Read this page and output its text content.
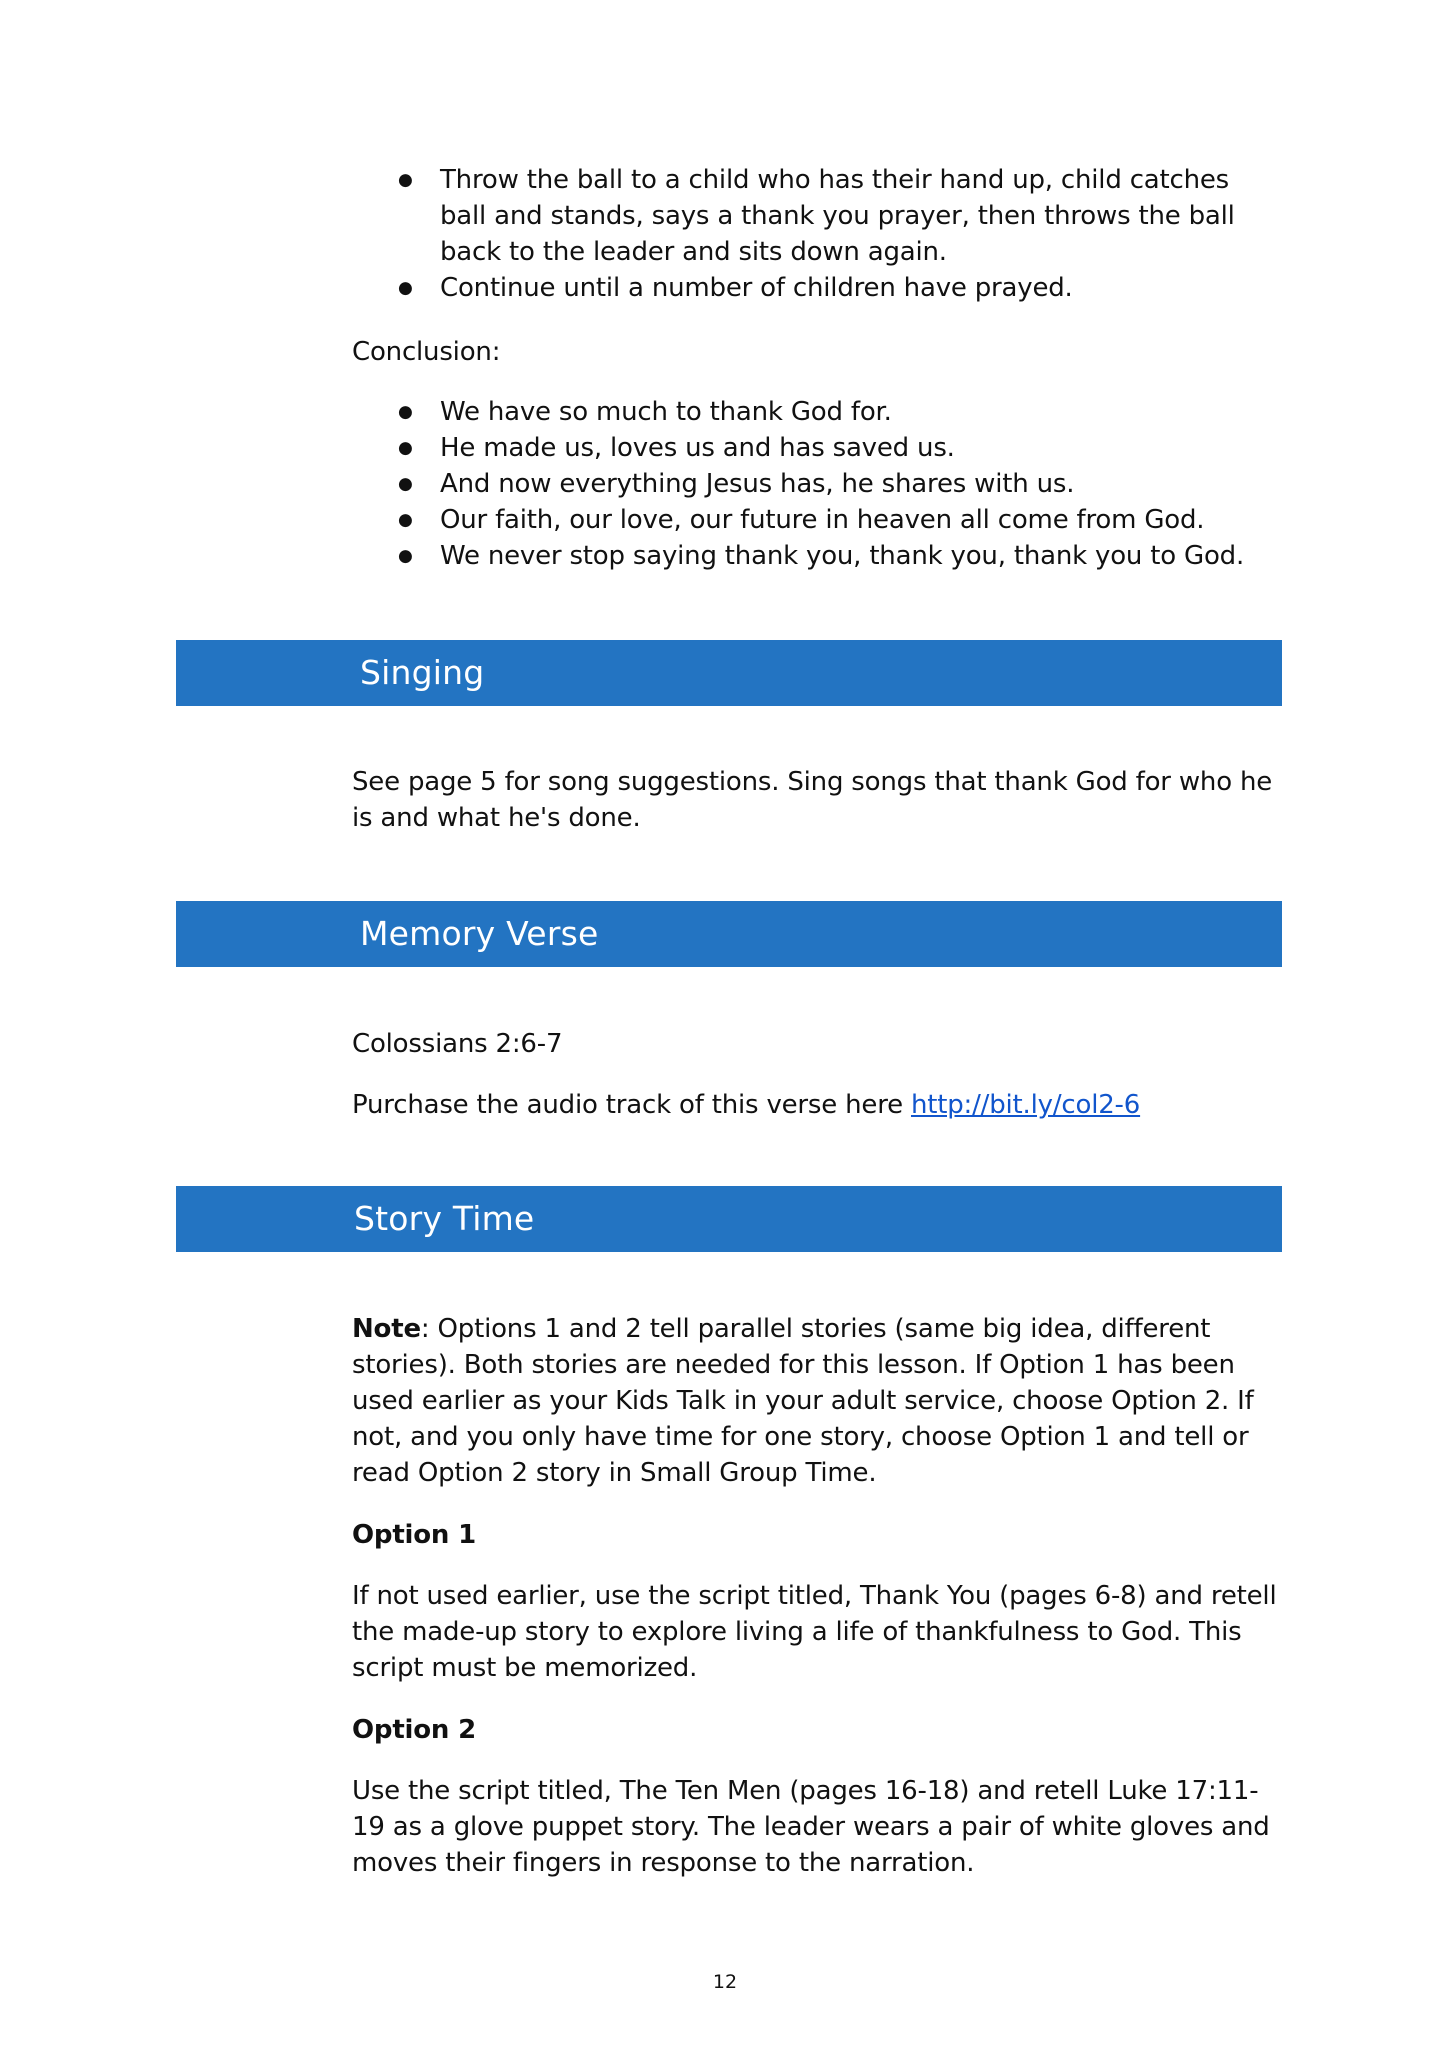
● Throw the ball to a child who has their hand up, child catches ball and stands, says a thank you prayer, then throws the ball back to the leader and sits down again.
● Continue until a number of children have prayed.

Conclusion:

● We have so much to thank God for.
● He made us, loves us and has saved us.
● And now everything Jesus has, he shares with us.
● Our faith, our love, our future in heaven all come from God.
● We never stop saying thank you, thank you, thank you to God.
Singing

See page 5 for song suggestions. Sing songs that thank God for who he is and what he's done.

Memory Verse

Colossians 2:6-7

Purchase the audio track of this verse here http://bit.ly/col2-6

Story Time

Note: Options 1 and 2 tell parallel stories (same big idea, different stories). Both stories are needed for this lesson. If Option 1 has been used earlier as your Kids Talk in your adult service, choose Option 2. If not, and you only have time for one story, choose Option 1 and tell or read Option 2 story in Small Group Time.

Option 1

If not used earlier, use the script titled, Thank You (pages 6-8) and retell the made-up story to explore living a life of thankfulness to God. This script must be memorized.

Option 2

Use the script titled, The Ten Men (pages 16-18) and retell Luke 17:11-19 as a glove puppet story. The leader wears a pair of white gloves and moves their fingers in response to the narration.

12
